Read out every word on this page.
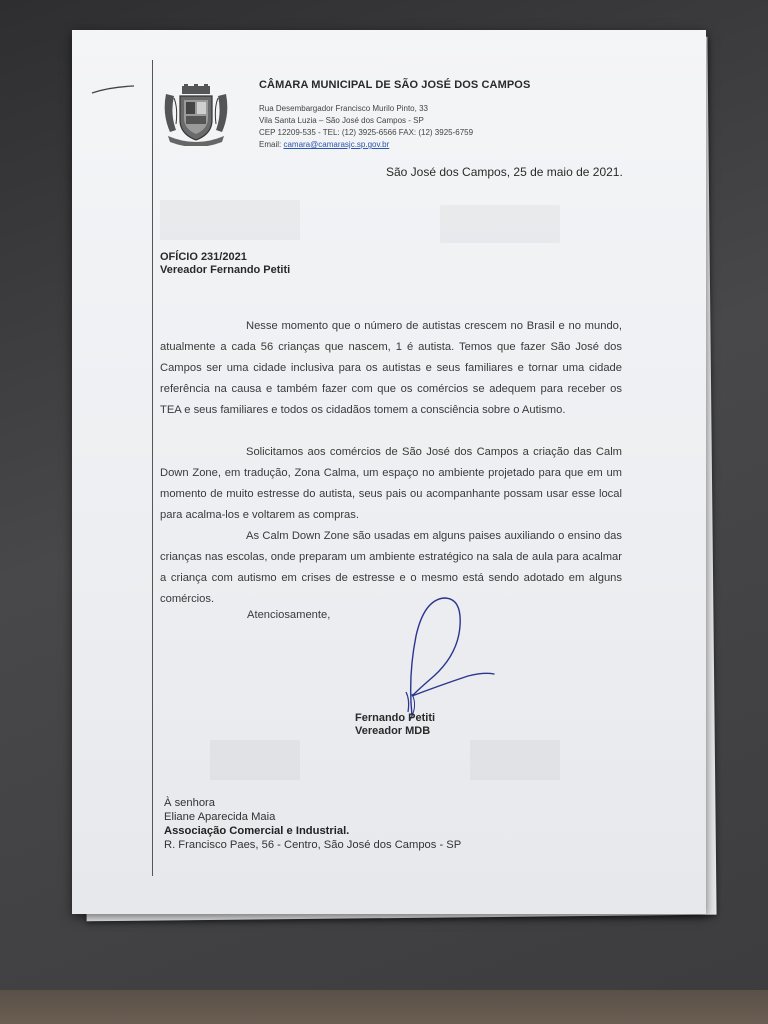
CÂMARA MUNICIPAL DE SÃO JOSÉ DOS CAMPOS
Rua Desembargador Francisco Murilo Pinto, 33
Vila Santa Luzia – São José dos Campos - SP
CEP 12209-535 - TEL: (12) 3925-6566 FAX: (12) 3925-6759
Email: camara@camarasjc.sp.gov.br
São José dos Campos, 25 de maio de 2021.
OFÍCIO 231/2021
Vereador Fernando Petiti

Nesse momento que o número de autistas crescem no Brasil e no mundo, atualmente a cada 56 crianças que nascem, 1 é autista. Temos que fazer São José dos Campos ser uma cidade inclusiva para os autistas e seus familiares e tornar uma cidade referência na causa e também fazer com que os comércios se adequem para receber os TEA e seus familiares e todos os cidadãos tomem a consciência sobre o Autismo.

Solicitamos aos comércios de São José dos Campos a criação das Calm Down Zone, em tradução, Zona Calma, um espaço no ambiente projetado para que em um momento de muito estresse do autista, seus pais ou acompanhante possam usar esse local para acalma-los e voltarem as compras.

As Calm Down Zone são usadas em alguns paises auxiliando o ensino das crianças nas escolas, onde preparam um ambiente estratégico na sala de aula para acalmar a criança com autismo em crises de estresse e o mesmo está sendo adotado em alguns comércios.

Atenciosamente,
Fernando Petiti
Vereador MDB
À senhora
Eliane Aparecida Maia
Associação Comercial e Industrial.
R. Francisco Paes, 56 - Centro, São José dos Campos - SP
